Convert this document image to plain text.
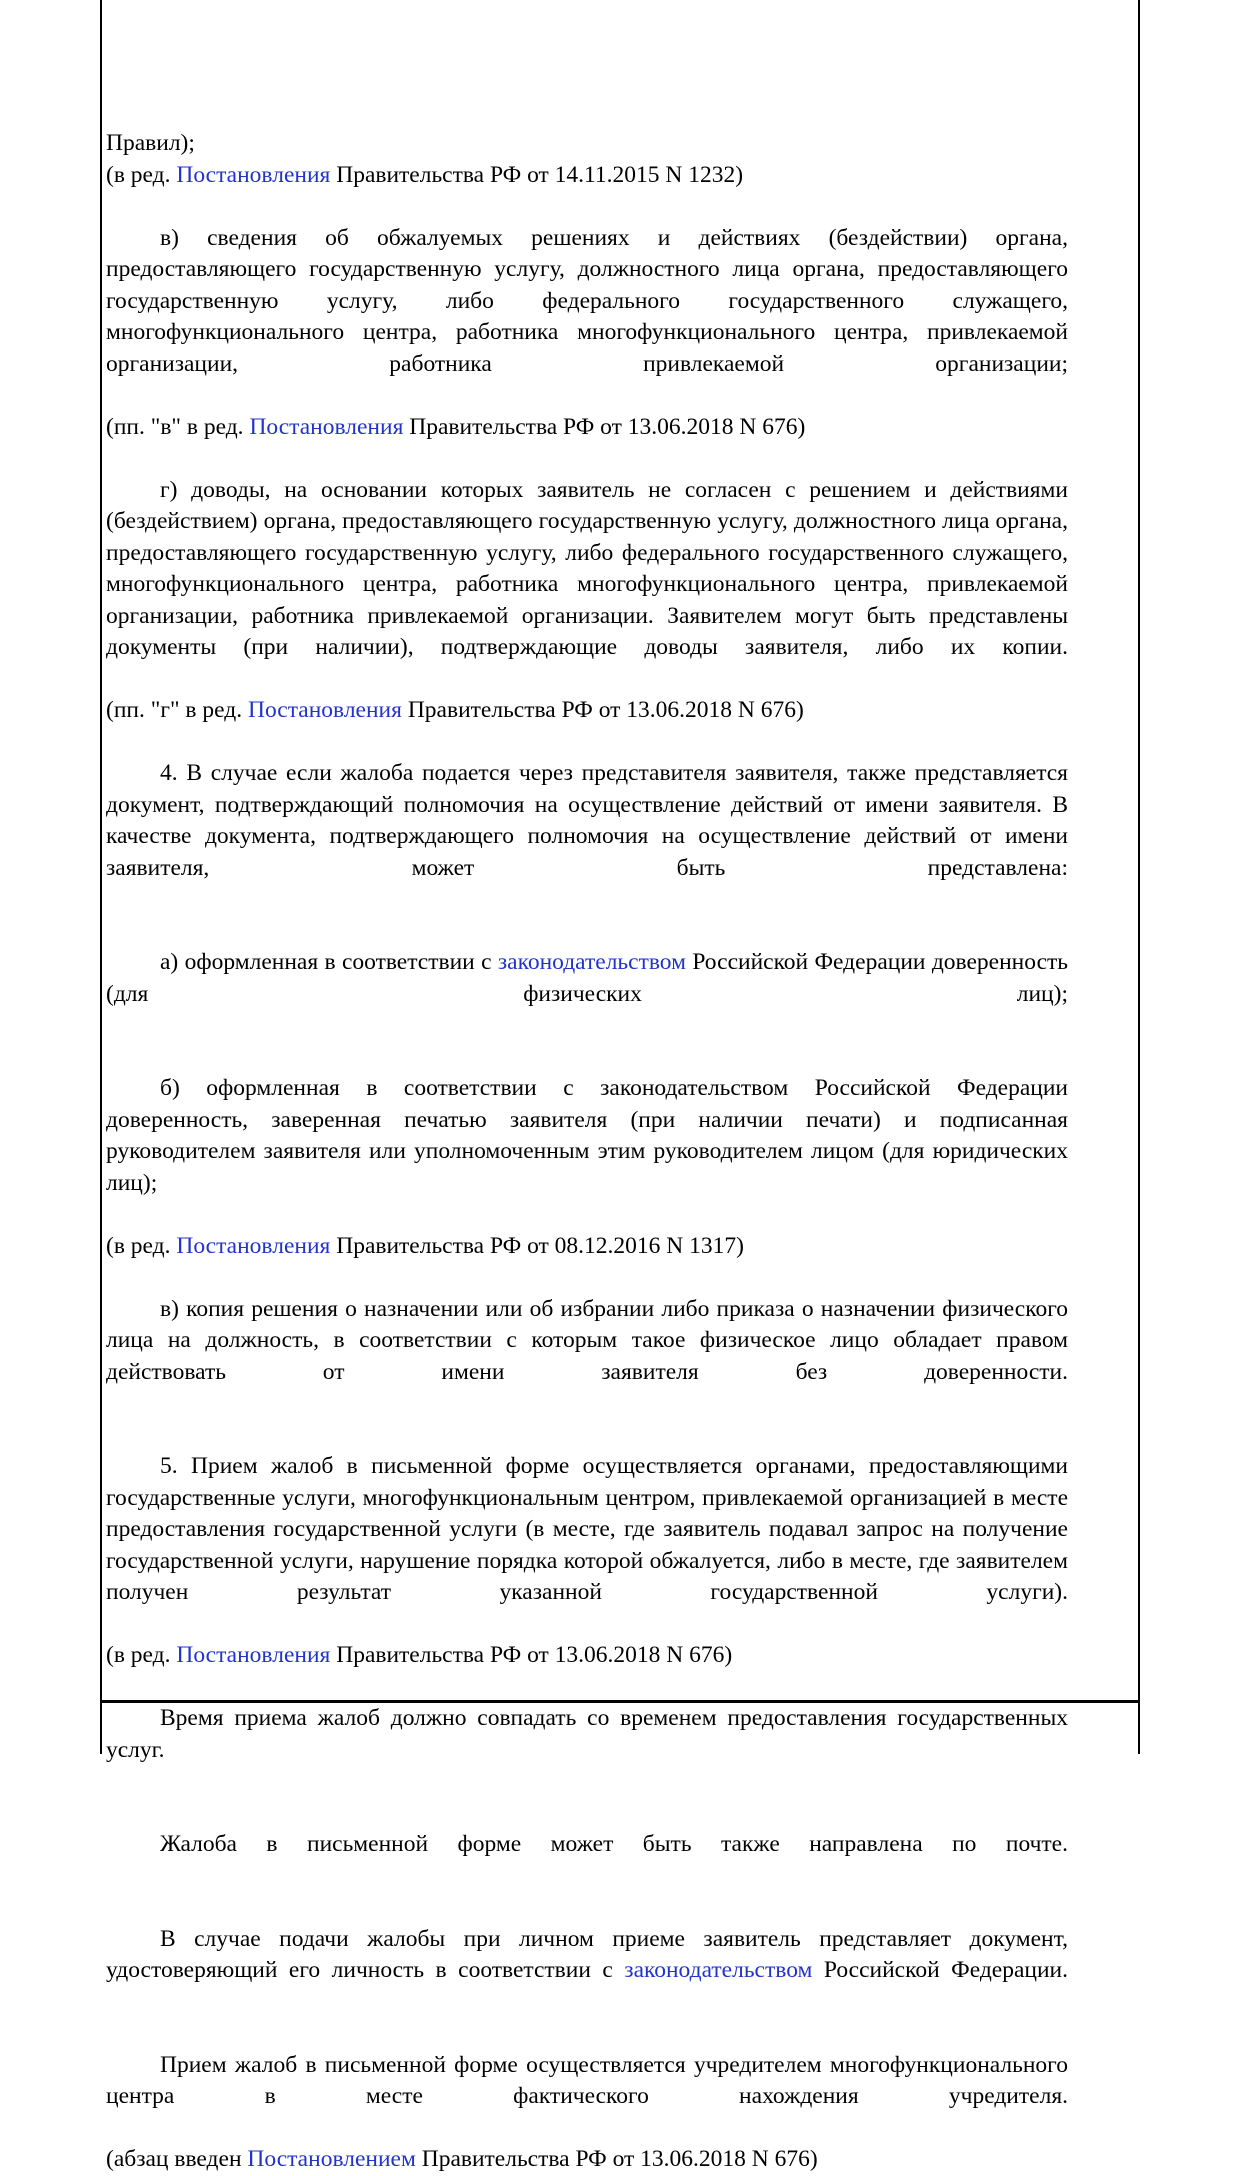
Правил);

(в ред. Постановления Правительства РФ от 14.11.2015 N 1232)

в) сведения об обжалуемых решениях и действиях (бездействии) органа, предоставляющего государственную услугу, должностного лица органа, предоставляющего государственную услугу, либо федерального государственного служащего, многофункционального центра, работника многофункционального центра, привлекаемой организации, работника привлекаемой организации;

(пп. "в" в ред. Постановления Правительства РФ от 13.06.2018 N 676)

г) доводы, на основании которых заявитель не согласен с решением и действиями (бездействием) органа, предоставляющего государственную услугу, должностного лица органа, предоставляющего государственную услугу, либо федерального государственного служащего, многофункционального центра, работника многофункционального центра, привлекаемой организации, работника привлекаемой организации. Заявителем могут быть представлены документы (при наличии), подтверждающие доводы заявителя, либо их копии.

(пп. "г" в ред. Постановления Правительства РФ от 13.06.2018 N 676)

4. В случае если жалоба подается через представителя заявителя, также представляется документ, подтверждающий полномочия на осуществление действий от имени заявителя. В качестве документа, подтверждающего полномочия на осуществление действий от имени заявителя, может быть представлена:

а) оформленная в соответствии с законодательством Российской Федерации доверенность (для физических лиц);

б) оформленная в соответствии с законодательством Российской Федерации доверенность, заверенная печатью заявителя (при наличии печати) и подписанная руководителем заявителя или уполномоченным этим руководителем лицом (для юридических лиц);

(в ред. Постановления Правительства РФ от 08.12.2016 N 1317)

в) копия решения о назначении или об избрании либо приказа о назначении физического лица на должность, в соответствии с которым такое физическое лицо обладает правом действовать от имени заявителя без доверенности.

5. Прием жалоб в письменной форме осуществляется органами, предоставляющими государственные услуги, многофункциональным центром, привлекаемой организацией в месте предоставления государственной услуги (в месте, где заявитель подавал запрос на получение государственной услуги, нарушение порядка которой обжалуется, либо в месте, где заявителем получен результат указанной государственной услуги).

(в ред. Постановления Правительства РФ от 13.06.2018 N 676)

Время приема жалоб должно совпадать со временем предоставления государственных услуг.

Жалоба в письменной форме может быть также направлена по почте.

В случае подачи жалобы при личном приеме заявитель представляет документ, удостоверяющий его личность в соответствии с законодательством Российской Федерации.

Прием жалоб в письменной форме осуществляется учредителем многофункционального центра в месте фактического нахождения учредителя.

(абзац введен Постановлением Правительства РФ от 13.06.2018 N 676)
